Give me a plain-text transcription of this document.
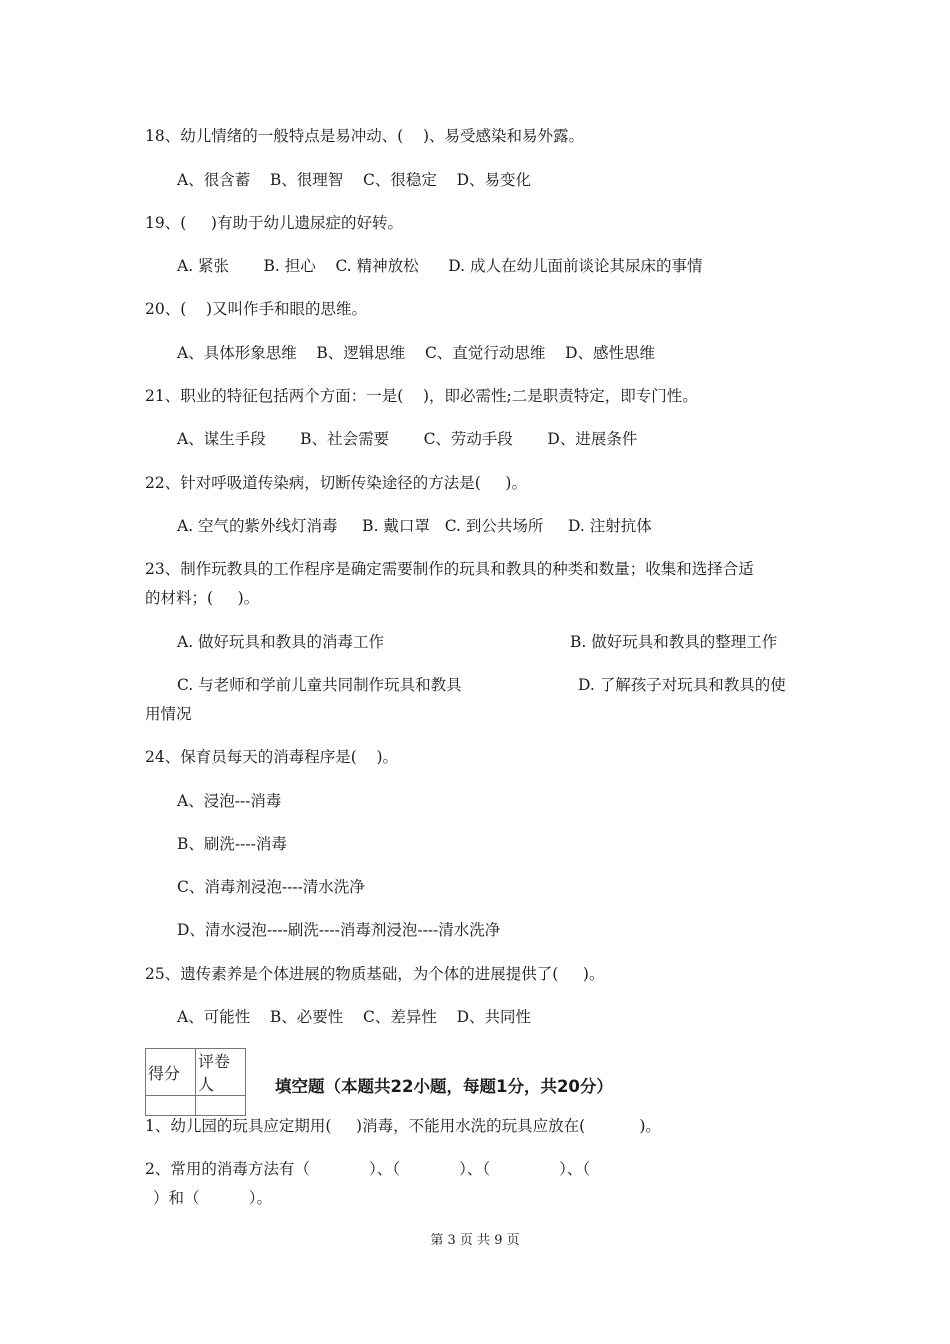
18、幼儿情绪的一般特点是易冲动、(    )、易受感染和易外露。
A、很含蓄    B、很理智    C、很稳定    D、易变化
19、(     )有助于幼儿遗尿症的好转。
A. 紧张       B. 担心    C. 精神放松      D. 成人在幼儿面前谈论其尿床的事情
20、(    )又叫作手和眼的思维。
A、具体形象思维    B、逻辑思维    C、直觉行动思维    D、感性思维
21、职业的特征包括两个方面：一是(    )，即必需性;二是职责特定，即专门性。
A、谋生手段       B、社会需要       C、劳动手段       D、进展条件
22、针对呼吸道传染病，切断传染途径的方法是(     )。
A. 空气的紫外线灯消毒     B. 戴口罩   C. 到公共场所     D. 注射抗体
23、制作玩教具的工作程序是确定需要制作的玩具和教具的种类和数量；收集和选择合适
的材料；(     )。
A. 做好玩具和教具的消毒工作	B. 做好玩具和教具的整理工作
C. 与老师和学前儿童共同制作玩具和教具	D. 了解孩子对玩具和教具的使
用情况
24、保育员每天的消毒程序是(    )。
A、浸泡---消毒
B、刷洗----消毒
C、消毒剂浸泡----清水洗净
D、清水浸泡----刷洗----消毒剂浸泡----清水洗净
25、遗传素养是个体进展的物质基础，为个体的进展提供了(     )。
A、可能性    B、必要性    C、差异性    D、共同性
得分	评卷人
		填空题（本题共22小题，每题1分，共20分）
1、幼儿园的玩具应定期用(     )消毒，不能用水洗的玩具应放在(           )。
2、常用的消毒方法有（            ）、（            ）、（              ）、（
）和（          ）。
第 3 页 共 9 页
